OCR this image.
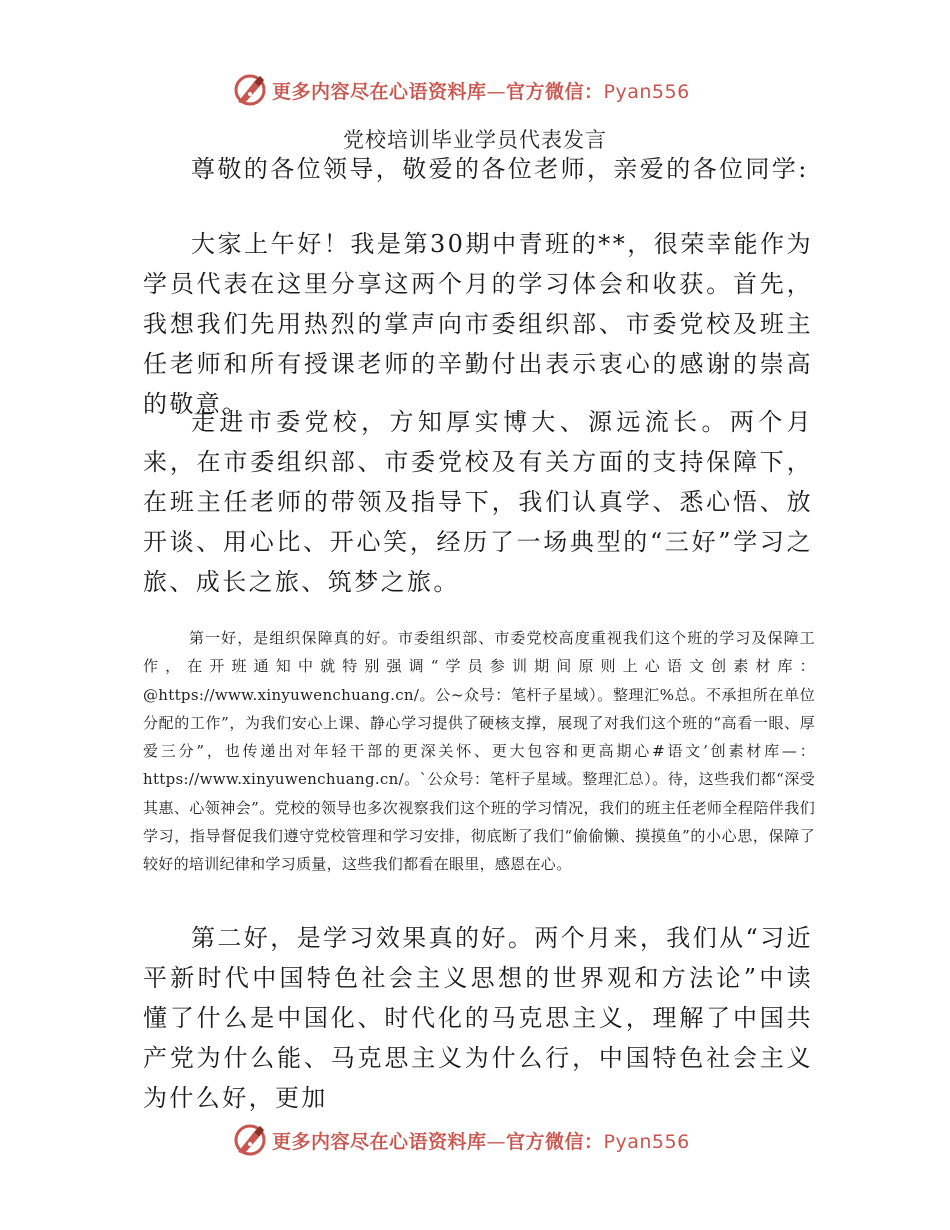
更多内容尽在心语资料库—官方微信：Pyan556
党校培训毕业学员代表发言

尊敬的各位领导，敬爱的各位老师，亲爱的各位同学:

大家上午好！我是第30期中青班的**，很荣幸能作为学员代表在这里分享这两个月的学习体会和收获。首先，我想我们先用热烈的掌声向市委组织部、市委党校及班主任老师和所有授课老师的辛勤付出表示衷心的感谢的崇高的敬意。

走进市委党校，方知厚实博大、源远流长。两个月来，在市委组织部、市委党校及有关方面的支持保障下，在班主任老师的带领及指导下，我们认真学、悉心悟、放开谈、用心比、开心笑，经历了一场典型的“三好”学习之旅、成长之旅、筑梦之旅。

第一好，是组织保障真的好。市委组织部、市委党校高度重视我们这个班的学习及保障工作，在开班通知中就特别强调“学员参训期间原则上心语文创素材库：@https://www.xinyuwenchuang.cn/。公~众号：笔杆子星域）。整理汇%总。不承担所在单位分配的工作”，为我们安心上课、静心学习提供了硬核支撑，展现了对我们这个班的“高看一眼、厚爱三分”，也传递出对年轻干部的更深关怀、更大包容和更高期心#语文’创素材库—：https://www.xinyuwenchuang.cn/。`公众号：笔杆子星域。整理汇总）。待，这些我们都“深受其惠、心领神会”。党校的领导也多次视察我们这个班的学习情况，我们的班主任老师全程陪伴我们学习，指导督促我们遵守党校管理和学习安排，彻底断了我们“偷偷懒、摸摸鱼”的小心思，保障了较好的培训纪律和学习质量，这些我们都看在眼里，感恩在心。

第二好，是学习效果真的好。两个月来，我们从“习近平新时代中国特色社会主义思想的世界观和方法论”中读懂了什么是中国化、时代化的马克思主义，理解了中国共产党为什么能、马克思主义为什么行，中国特色社会主义为什么好，更加

更多内容尽在心语资料库—官方微信：Pyan556
